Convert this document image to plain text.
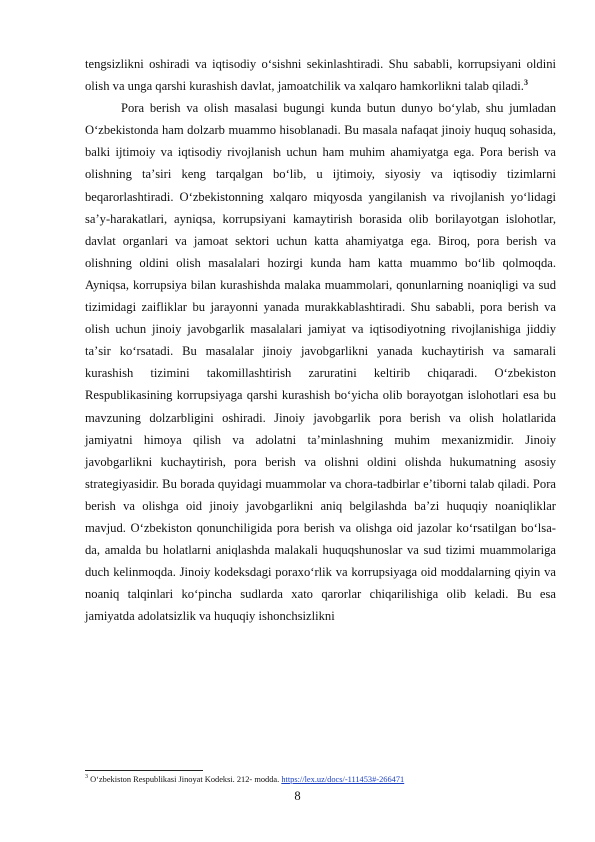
tengsizlikni oshiradi va iqtisodiy oʻsishni sekinlashtiradi. Shu sababli, korrupsiyani oldini olish va unga qarshi kurashish davlat, jamoatchilik va xalqaro hamkorlikni talab qiladi.$^3$

Pora berish va olish masalasi bugungi kunda butun dunyo boʻylab, shu jumladan Oʻzbekistonda ham dolzarb muammo hisoblanadi. Bu masala nafaqat jinoiy huquq sohasida, balki ijtimoiy va iqtisodiy rivojlanish uchun ham muhim ahamiyatga ega. Pora berish va olishning taʼsiri keng tarqalgan boʻlib, u ijtimoiy, siyosiy va iqtisodiy tizimlarni beqarorlashtiradi. Oʻzbekistonning xalqaro miqyosda yangilanish va rivojlanish yoʻlidagi saʼy-harakatlari, ayniqsa, korrupsiyani kamaytirish borasida olib borilayotgan islohotlar, davlat organlari va jamoat sektori uchun katta ahamiyatga ega. Biroq, pora berish va olishning oldini olish masalalari hozirgi kunda ham katta muammo boʻlib qolmoqda. Ayniqsa, korrupsiya bilan kurashishda malaka muammolari, qonunlarning noaniqligi va sud tizimidagi zaifliklar bu jarayonni yanada murakkablashtiradi. Shu sababli, pora berish va olish uchun jinoiy javobgarlik masalalari jamiyat va iqtisodiyotning rivojlanishiga jiddiy taʼsir koʻrsatadi. Bu masalalar jinoiy javobgarlikni yanada kuchaytirish va samarali kurashish tizimini takomillashtirish zaruratini keltirib chiqaradi. Oʻzbekiston Respublikasining korrupsiyaga qarshi kurashish boʻyicha olib borayotgan islohotlari esa bu mavzuning dolzarbligini oshiradi. Jinoiy javobgarlik pora berish va olish holatlarida jamiyatni himoya qilish va adolatni taʼminlashning muhim mexanizmidir. Jinoiy javobgarlikni kuchaytirish, pora berish va olishni oldini olishda hukumatning asosiy strategiyasidir. Bu borada quyidagi muammolar va chora-tadbirlar eʼtiborni talab qiladi. Pora berish va olishga oid jinoiy javobgarlikni aniq belgilashda baʼzi huquqiy noaniqliklar mavjud. Oʻzbekiston qonunchiligida pora berish va olishga oid jazolar koʻrsatilgan boʻlsa-da, amalda bu holatlarni aniqlashda malakali huquqshunoslar va sud tizimi muammolariga duch kelinmoqda. Jinoiy kodeksdagi poraxoʻrlik va korrupsiyaga oid moddalarning qiyin va noaniq talqinlari koʻpincha sudlarda xato qarorlar chiqarilishiga olib keladi. Bu esa jamiyatda adolatsizlik va huquqiy ishonchsizlikni

$^3$ Oʻzbekiston Respublikasi Jinoyat Kodeksi. 212- modda. https://lex.uz/docs/-111453#-266471
8
